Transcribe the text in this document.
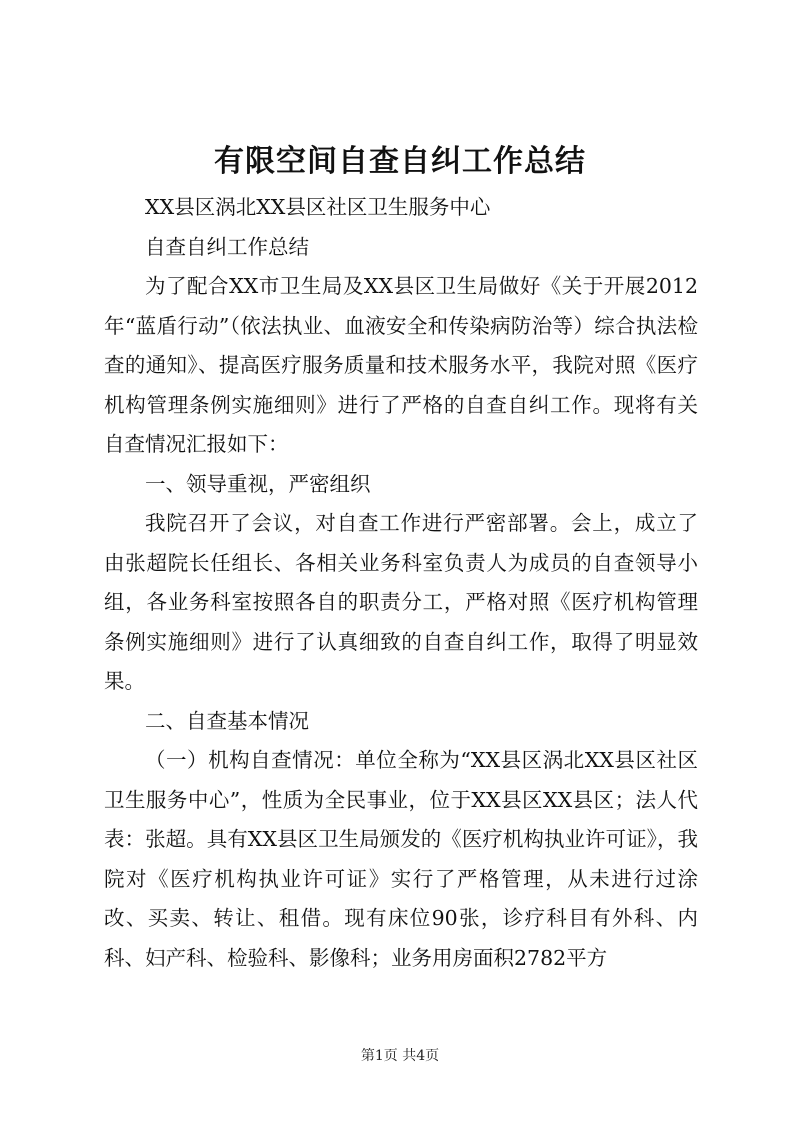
有限空间自查自纠工作总结

XX县区涡北XX县区社区卫生服务中心

自查自纠工作总结

为了配合XX市卫生局及XX县区卫生局做好《关于开展2012年“蓝盾行动”（依法执业、血液安全和传染病防治等）综合执法检查的通知》、提高医疗服务质量和技术服务水平，我院对照《医疗机构管理条例实施细则》进行了严格的自查自纠工作。现将有关自查情况汇报如下：

一、领导重视，严密组织

我院召开了会议，对自查工作进行严密部署。会上，成立了由张超院长任组长、各相关业务科室负责人为成员的自查领导小组，各业务科室按照各自的职责分工，严格对照《医疗机构管理条例实施细则》进行了认真细致的自查自纠工作，取得了明显效果。

二、自查基本情况

（一）机构自查情况：单位全称为“XX县区涡北XX县区社区卫生服务中心”，性质为全民事业，位于XX县区XX县区；法人代表：张超。具有XX县区卫生局颁发的《医疗机构执业许可证》，我院对《医疗机构执业许可证》实行了严格管理，从未进行过涂改、买卖、转让、租借。现有床位90张，诊疗科目有外科、内科、妇产科、检验科、影像科；业务用房面积2782平方

第1页 共4页
